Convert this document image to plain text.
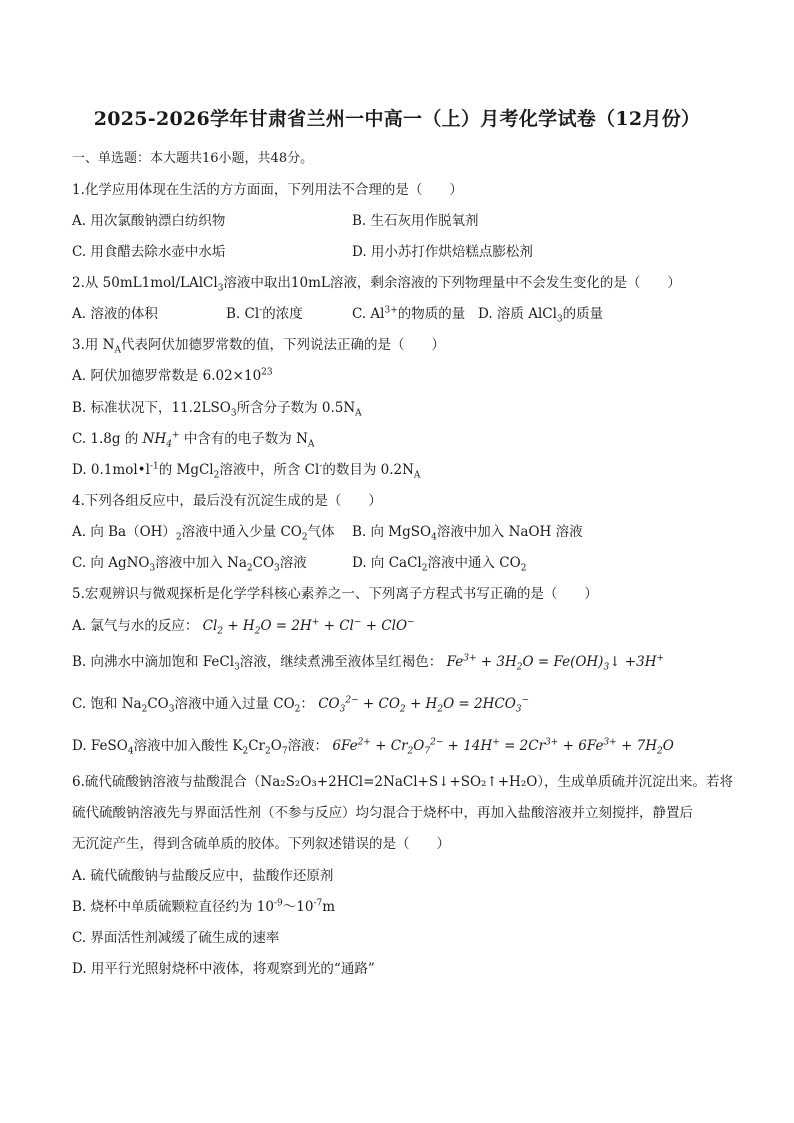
2025-2026学年甘肃省兰州一中高一（上）月考化学试卷（12月份）
一、单选题：本大题共16小题，共48分。
1.化学应用体现在生活的方方面面，下列用法不合理的是（　　）
A. 用次氯酸钠漂白纺织物	B. 生石灰用作脱氧剂
C. 用食醋去除水壶中水垢	D. 用小苏打作烘焙糕点膨松剂
2.从 50mL1mol/LAlCl$_3$溶液中取出10mL溶液，剩余溶液的下列物理量中不会发生变化的是（　　）
A. 溶液的体积	B. Cl-的浓度	C. $Al^{3+}$的物质的量 D. 溶质 AlCl$_3$的质量
3.用 $N_A$代表阿伏加德罗常数的值，下列说法正确的是（　　）
A. 阿伏加德罗常数是 $6.02\times 10^{23}$
B. 标准状况下，$11.2LSO_3$所含分子数为 $0.5N_A$
C. 1.8g 的 $NH_4^+$ 中含有的电子数为 $N_A$
D. $0.1mol•l^{-1}$的 MgCl$_2$溶液中，所含 Cl-的数目为 $0.2N_A$
4.下列各组反应中，最后没有沉淀生成的是（　　）
A. 向 $Ba(OH)_2$溶液中通入少量 $CO_2$气体 B. 向 MgSO$_4$溶液中加入 NaOH 溶液
C. 向 AgNO$_3$溶液中加入 $Na_2CO_3$溶液	D. 向 CaCl$_2$溶液中通入 $CO_2$
5.宏观辨识与微观探析是化学学科核心素养之一、下列离子方程式书写正确的是（　　）
A. 氯气与水的反应： $Cl_2 + H_2O = 2H^+ + Cl^- + ClO^-$
B. 向沸水中滴加饱和 FeCl$_3$溶液，继续煮沸至液体呈红褐色： $Fe^{3+} + 3H_2O$ = $Fe(OH)_3↓ +3H^+$
C. 饱和 $Na_2CO_3$溶液中通入过量 $CO_2$： $CO_3^{2-} + CO_2 + H_2O = 2HCO_3^-$
D. FeSO$_4$溶液中加入酸性 $K_2Cr_2O_7$溶液： $6Fe^{2+} + Cr_2O_7^{2-} + 14H^+ = 2Cr^{3+} + 6Fe^{3+} + 7H_2O$
6.硫代硫酸钠溶液与盐酸混合（Na₂S₂O₃+2HCl=2NaCl+S↓+SO₂↑+H₂O），生成单质硫并沉淀出来。若将
硫代硫酸钠溶液先与界面活性剂（不参与反应）均匀混合于烧杯中，再加入盐酸溶液并立刻搅拌，静置后
无沉淀产生，得到含硫单质的胶体。下列叙述错误的是（　　）
A. 硫代硫酸钠与盐酸反应中，盐酸作还原剂
B. 烧杯中单质硫颗粒直径约为 $10^{-9}\sim 10^{-7}m$
C. 界面活性剂减缓了硫生成的速率
D. 用平行光照射烧杯中液体，将观察到光的“通路”
